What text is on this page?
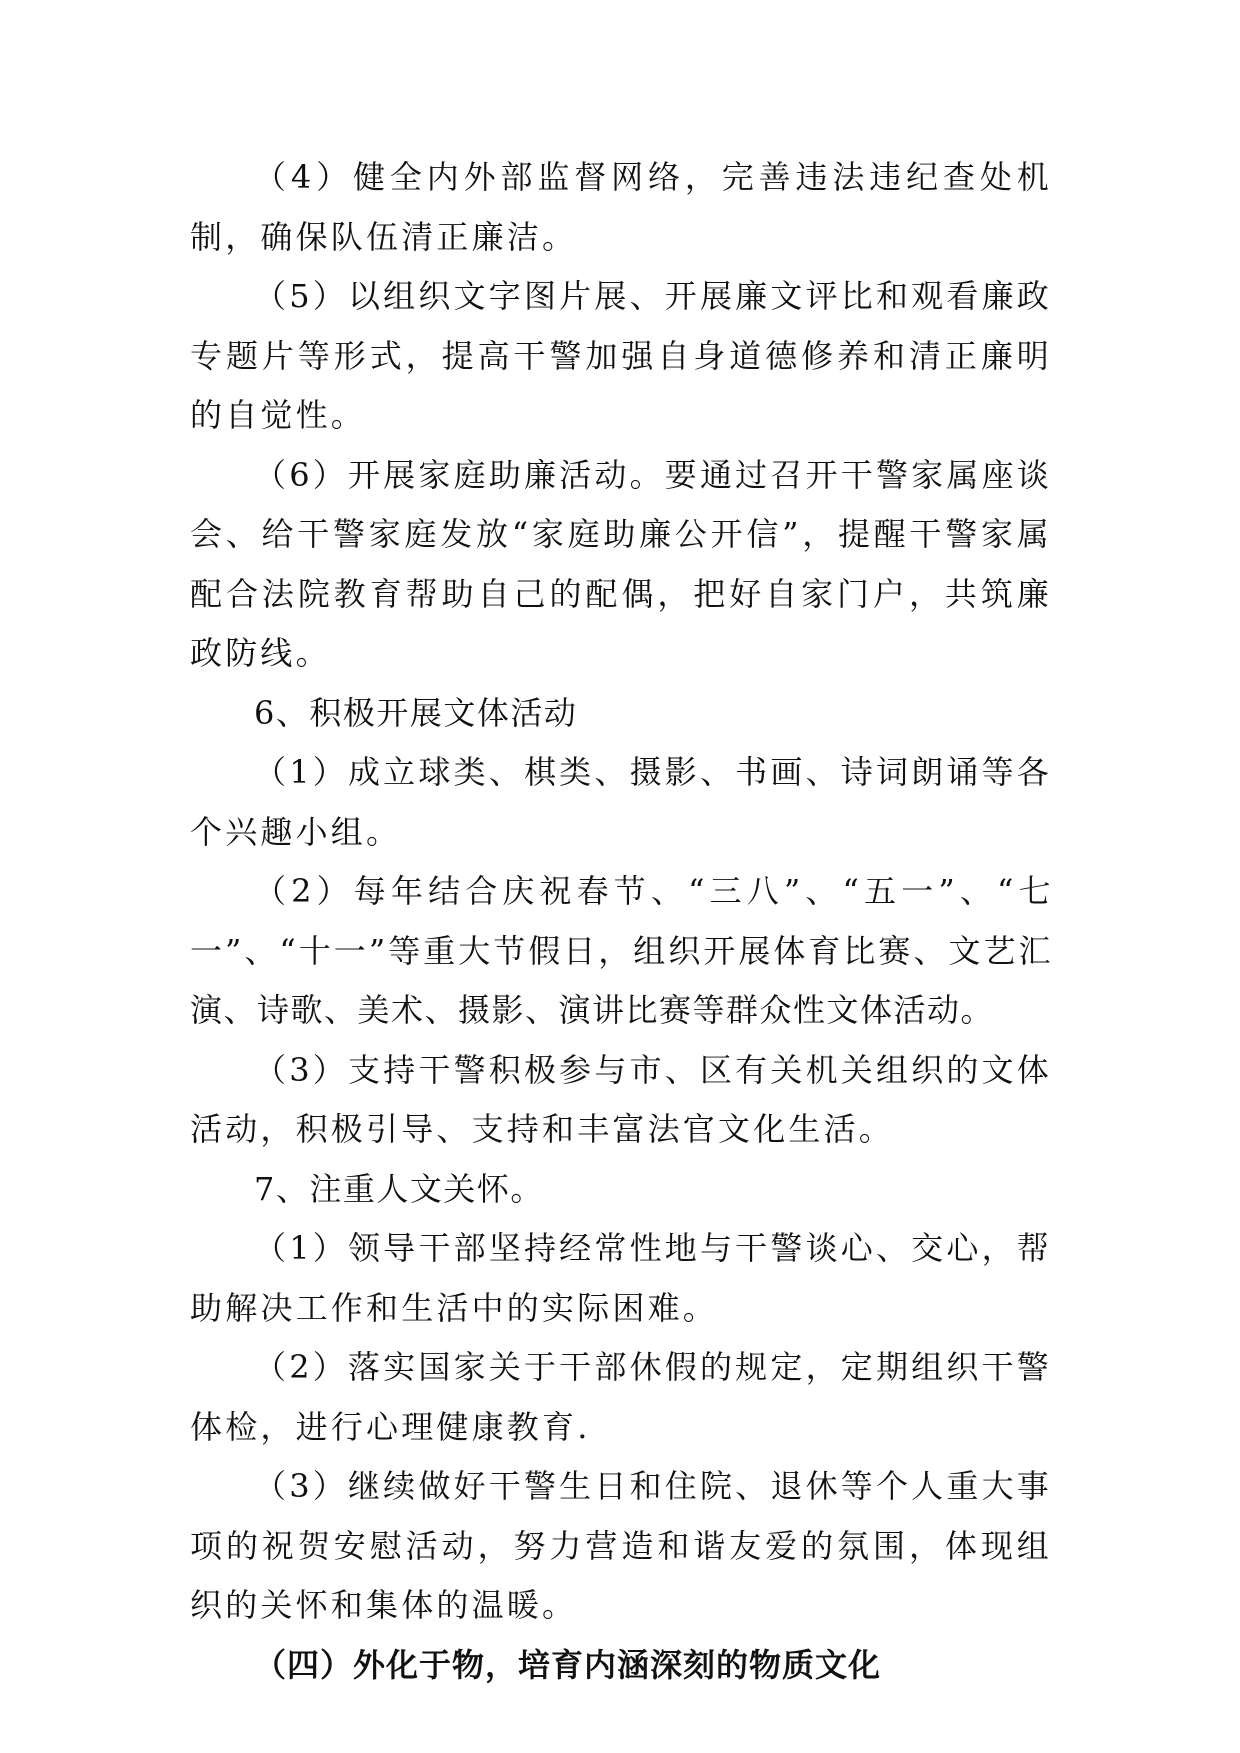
（4）健全内外部监督网络，完善违法违纪查处机制，确保队伍清正廉洁。

（5）以组织文字图片展、开展廉文评比和观看廉政专题片等形式，提高干警加强自身道德修养和清正廉明的自觉性。

（6）开展家庭助廉活动。要通过召开干警家属座谈会、给干警家庭发放“家庭助廉公开信”，提醒干警家属配合法院教育帮助自己的配偶，把好自家门户，共筑廉政防线。

6、积极开展文体活动

（1）成立球类、棋类、摄影、书画、诗词朗诵等各个兴趣小组。

（2）每年结合庆祝春节、“三八”、“五一”、“七一”、“十一”等重大节假日，组织开展体育比赛、文艺汇演、诗歌、美术、摄影、演讲比赛等群众性文体活动。

（3）支持干警积极参与市、区有关机关组织的文体活动，积极引导、支持和丰富法官文化生活。

7、注重人文关怀。

（1）领导干部坚持经常性地与干警谈心、交心，帮助解决工作和生活中的实际困难。

（2）落实国家关于干部休假的规定，定期组织干警体检，进行心理健康教育.

（3）继续做好干警生日和住院、退休等个人重大事项的祝贺安慰活动，努力营造和谐友爱的氛围，体现组织的关怀和集体的温暖。

（四）外化于物，培育内涵深刻的物质文化
